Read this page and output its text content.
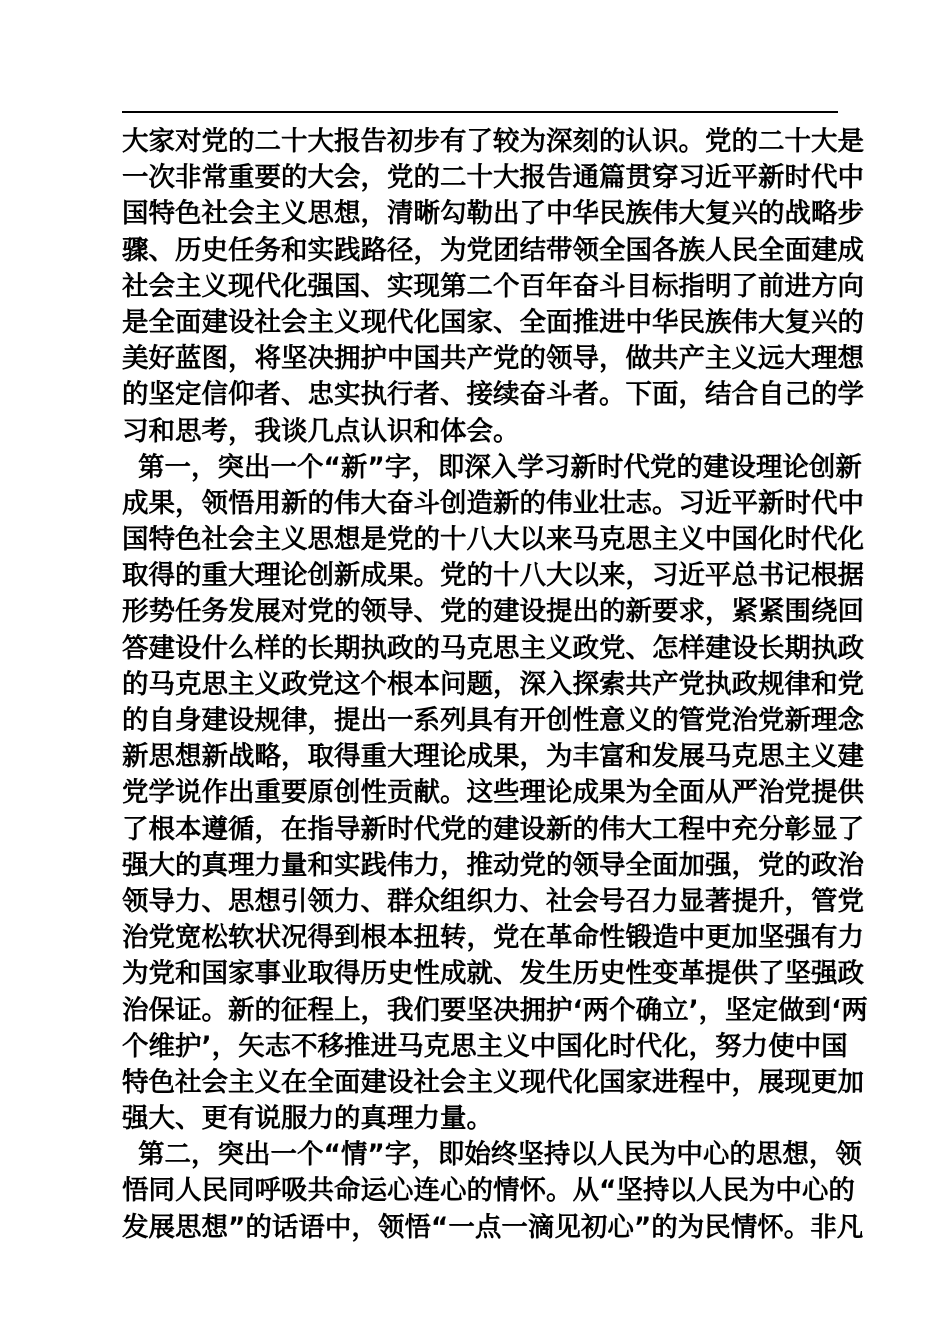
大家对党的二十大报告初步有了较为深刻的认识。党的二十大是
一次非常重要的大会，党的二十大报告通篇贯穿习近平新时代中
国特色社会主义思想，清晰勾勒出了中华民族伟大复兴的战略步
骤、历史任务和实践路径，为党团结带领全国各族人民全面建成
社会主义现代化强国、实现第二个百年奋斗目标指明了前进方向
是全面建设社会主义现代化国家、全面推进中华民族伟大复兴的
美好蓝图，将坚决拥护中国共产党的领导，做共产主义远大理想
的坚定信仰者、忠实执行者、接续奋斗者。下面，结合自己的学
习和思考，我谈几点认识和体会。
第一，突出一个“新”字，即深入学习新时代党的建设理论创新
成果，领悟用新的伟大奋斗创造新的伟业壮志。习近平新时代中
国特色社会主义思想是党的十八大以来马克思主义中国化时代化
取得的重大理论创新成果。党的十八大以来，习近平总书记根据
形势任务发展对党的领导、党的建设提出的新要求，紧紧围绕回
答建设什么样的长期执政的马克思主义政党、怎样建设长期执政
的马克思主义政党这个根本问题，深入探索共产党执政规律和党
的自身建设规律，提出一系列具有开创性意义的管党治党新理念
新思想新战略，取得重大理论成果，为丰富和发展马克思主义建
党学说作出重要原创性贡献。这些理论成果为全面从严治党提供
了根本遵循，在指导新时代党的建设新的伟大工程中充分彰显了
强大的真理力量和实践伟力，推动党的领导全面加强，党的政治
领导力、思想引领力、群众组织力、社会号召力显著提升，管党
治党宽松软状况得到根本扭转，党在革命性锻造中更加坚强有力
为党和国家事业取得历史性成就、发生历史性变革提供了坚强政
治保证。新的征程上，我们要坚决拥护‘两个确立’，坚定做到‘两
个维护’，矢志不移推进马克思主义中国化时代化，努力使中国
特色社会主义在全面建设社会主义现代化国家进程中，展现更加
强大、更有说服力的真理力量。
第二，突出一个“情”字，即始终坚持以人民为中心的思想，领
悟同人民同呼吸共命运心连心的情怀。从“坚持以人民为中心的
发展思想”的话语中，领悟“一点一滴见初心”的为民情怀。非凡
